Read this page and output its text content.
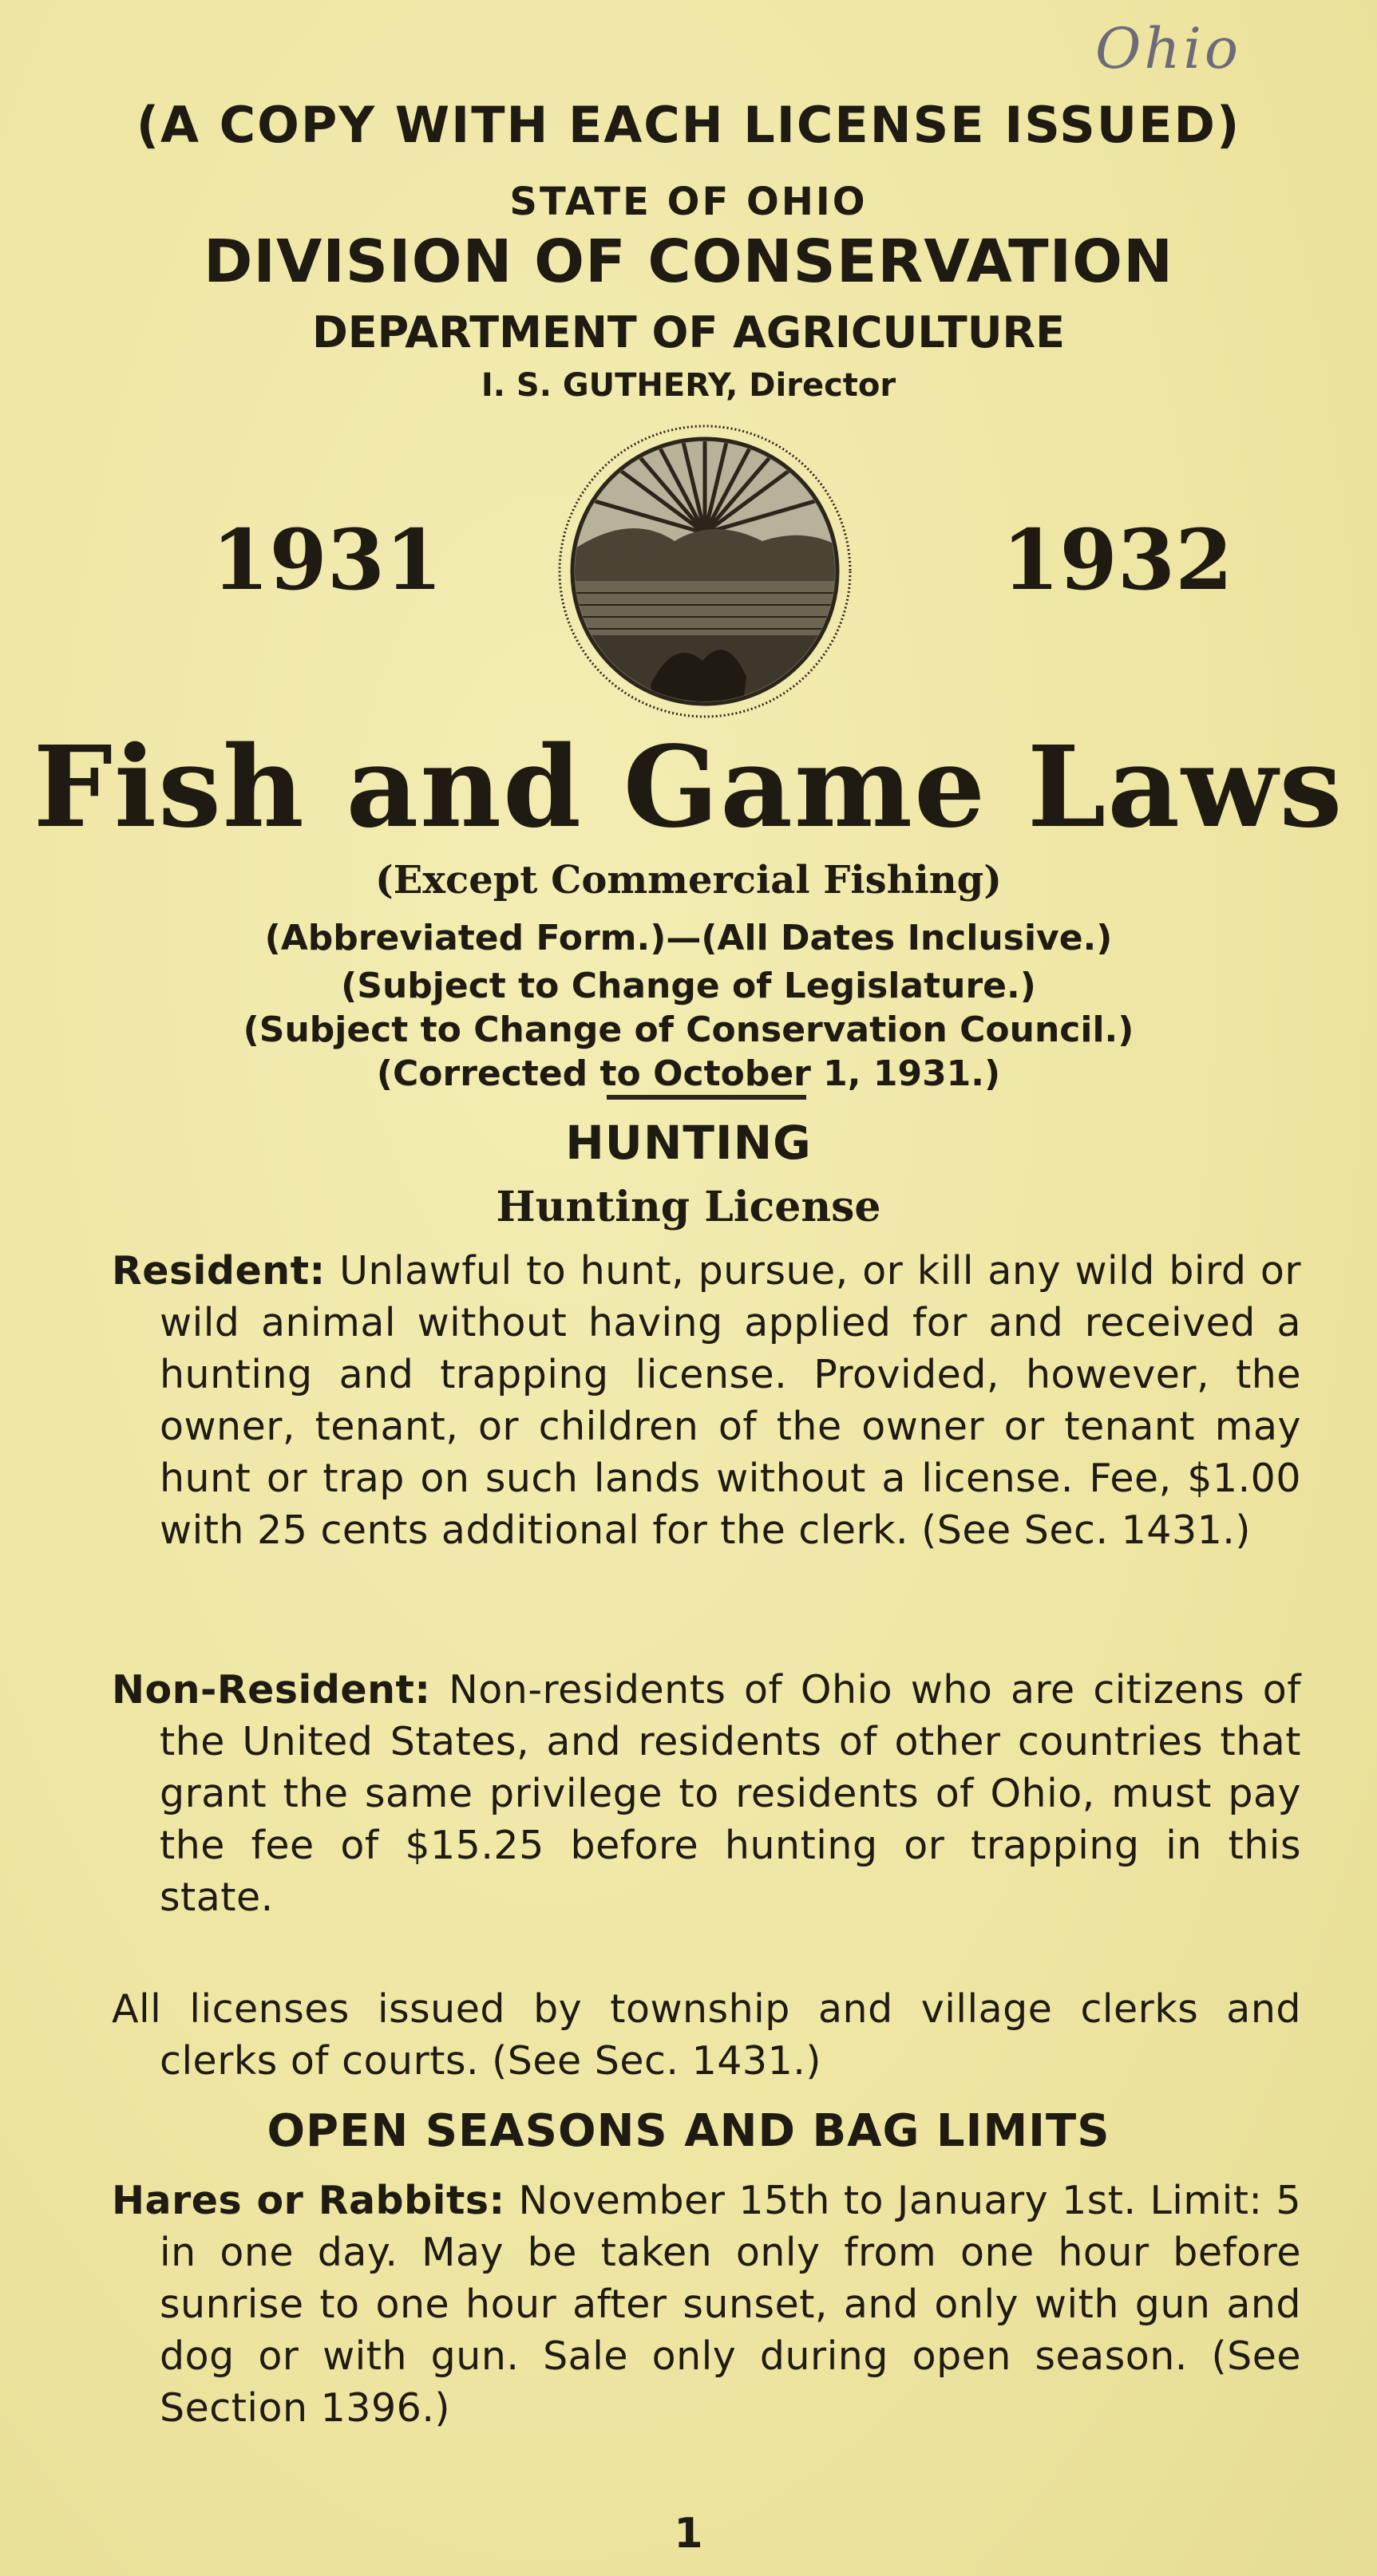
Ohio
(A COPY WITH EACH LICENSE ISSUED)
STATE OF OHIO
DIVISION OF CONSERVATION
DEPARTMENT OF AGRICULTURE
I. S. GUTHERY, Director
1931	1932
Fish and Game Laws
(Except Commercial Fishing)
(Abbreviated Form.)—(All Dates Inclusive.)
(Subject to Change of Legislature.)
(Subject to Change of Conservation Council.)
(Corrected to October 1, 1931.)
HUNTING
Hunting License
Resident: Unlawful to hunt, pursue, or kill any wild bird or wild animal without having applied for and received a hunting and trapping license. Provided, however, the owner, tenant, or children of the owner or tenant may hunt or trap on such lands without a license. Fee, $1.00 with 25 cents additional for the clerk. (See Sec. 1431.)
Non-Resident: Non-residents of Ohio who are citizens of the United States, and residents of other countries that grant the same privilege to residents of Ohio, must pay the fee of $15.25 before hunting or trapping in this state.
All licenses issued by township and village clerks and clerks of courts. (See Sec. 1431.)
OPEN SEASONS AND BAG LIMITS
Hares or Rabbits: November 15th to January 1st. Limit: 5 in one day. May be taken only from one hour before sunrise to one hour after sunset, and only with gun and dog or with gun. Sale only during open season. (See Section 1396.)
1
